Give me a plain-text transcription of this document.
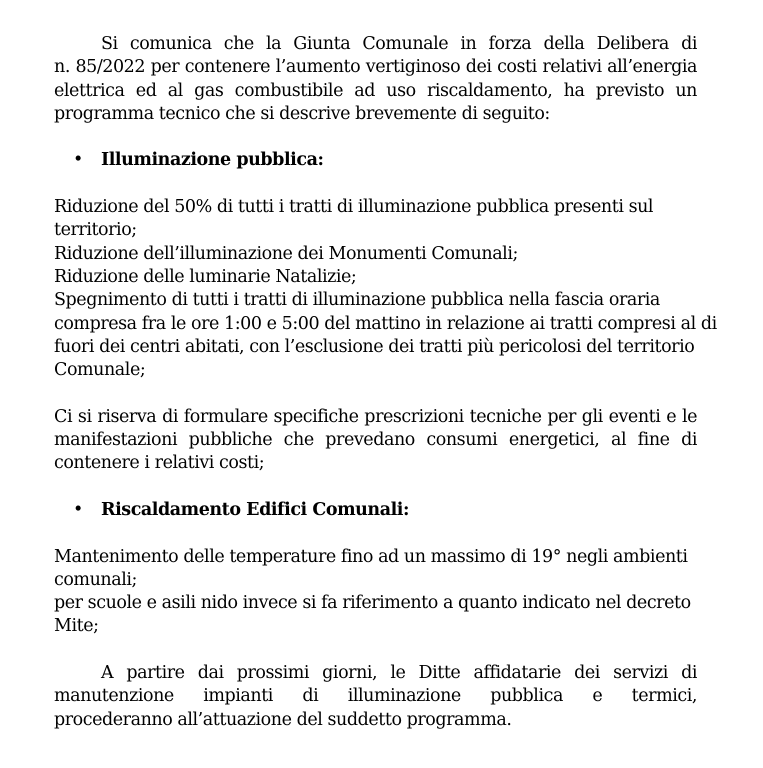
Si comunica che la Giunta Comunale in forza della Delibera di
n. 85/2022 per contenere l’aumento vertiginoso dei costi relativi all’energia
elettrica ed al gas combustibile ad uso riscaldamento, ha previsto un
programma tecnico che si descrive brevemente di seguito:
• Illuminazione pubblica:
Riduzione del 50% di tutti i tratti di illuminazione pubblica presenti sul
territorio;
Riduzione dell’illuminazione dei Monumenti Comunali;
Riduzione delle luminarie Natalizie;
Spegnimento di tutti i tratti di illuminazione pubblica nella fascia oraria
compresa fra le ore 1:00 e 5:00 del mattino in relazione ai tratti compresi al di
fuori dei centri abitati, con l’esclusione dei tratti più pericolosi del territorio
Comunale;
Ci si riserva di formulare specifiche prescrizioni tecniche per gli eventi e le
manifestazioni pubbliche che prevedano consumi energetici, al fine di
contenere i relativi costi;
• Riscaldamento Edifici Comunali:
Mantenimento delle temperature fino ad un massimo di 19° negli ambienti
comunali;
per scuole e asili nido invece si fa riferimento a quanto indicato nel decreto
Mite;
A partire dai prossimi giorni, le Ditte affidatarie dei servizi di
manutenzione impianti di illuminazione pubblica e termici,
procederanno all’attuazione del suddetto programma.
